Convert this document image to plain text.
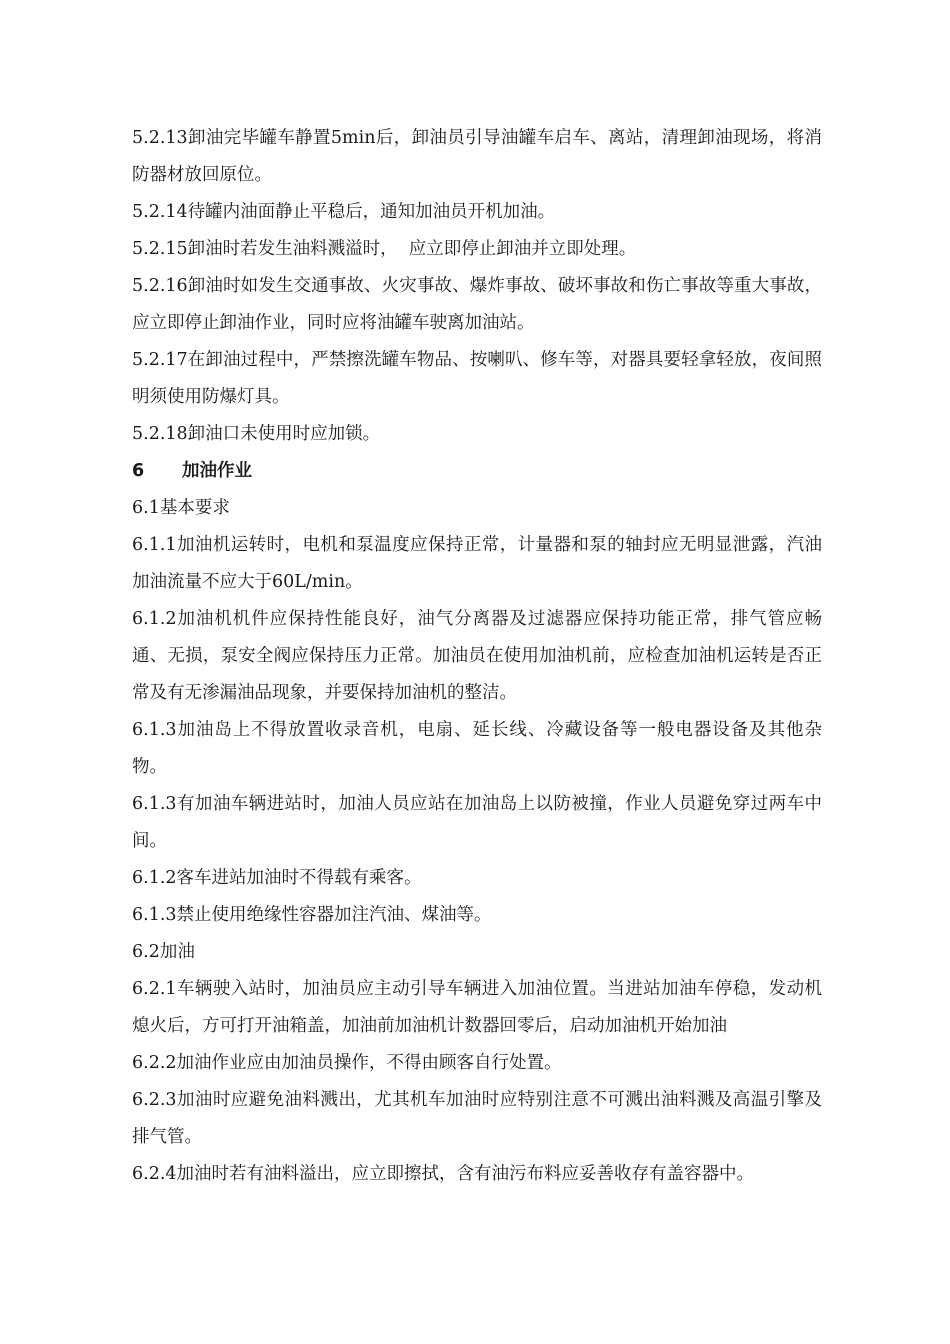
5.2.13卸油完毕罐车静置5min后，卸油员引导油罐车启车、离站，清理卸油现场，将消防器材放回原位。

5.2.14待罐内油面静止平稳后，通知加油员开机加油。

5.2.15卸油时若发生油料溅溢时，  应立即停止卸油并立即处理。

5.2.16卸油时如发生交通事故、火灾事故、爆炸事故、破坏事故和伤亡事故等重大事故，应立即停止卸油作业，同时应将油罐车驶离加油站。

5.2.17在卸油过程中，严禁擦洗罐车物品、按喇叭、修车等，对器具要轻拿轻放，夜间照明须使用防爆灯具。

5.2.18卸油口未使用时应加锁。

6 加油作业

6.1基本要求

6.1.1加油机运转时，电机和泵温度应保持正常，计量器和泵的轴封应无明显泄露，汽油加油流量不应大于60L/min。

6.1.2加油机机件应保持性能良好，油气分离器及过滤器应保持功能正常，排气管应畅通、无损，泵安全阀应保持压力正常。加油员在使用加油机前，应检查加油机运转是否正常及有无渗漏油品现象，并要保持加油机的整洁。

6.1.3加油岛上不得放置收录音机，电扇、延长线、冷藏设备等一般电器设备及其他杂物。

6.1.3有加油车辆进站时，加油人员应站在加油岛上以防被撞，作业人员避免穿过两车中间。

6.1.2客车进站加油时不得载有乘客。

6.1.3禁止使用绝缘性容器加注汽油、煤油等。

6.2加油

6.2.1车辆驶入站时，加油员应主动引导车辆进入加油位置。当进站加油车停稳，发动机熄火后，方可打开油箱盖，加油前加油机计数器回零后，启动加油机开始加油

6.2.2加油作业应由加油员操作，不得由顾客自行处置。

6.2.3加油时应避免油料溅出，尤其机车加油时应特别注意不可溅出油料溅及高温引擎及排气管。

6.2.4加油时若有油料溢出，应立即擦拭，含有油污布料应妥善收存有盖容器中。
